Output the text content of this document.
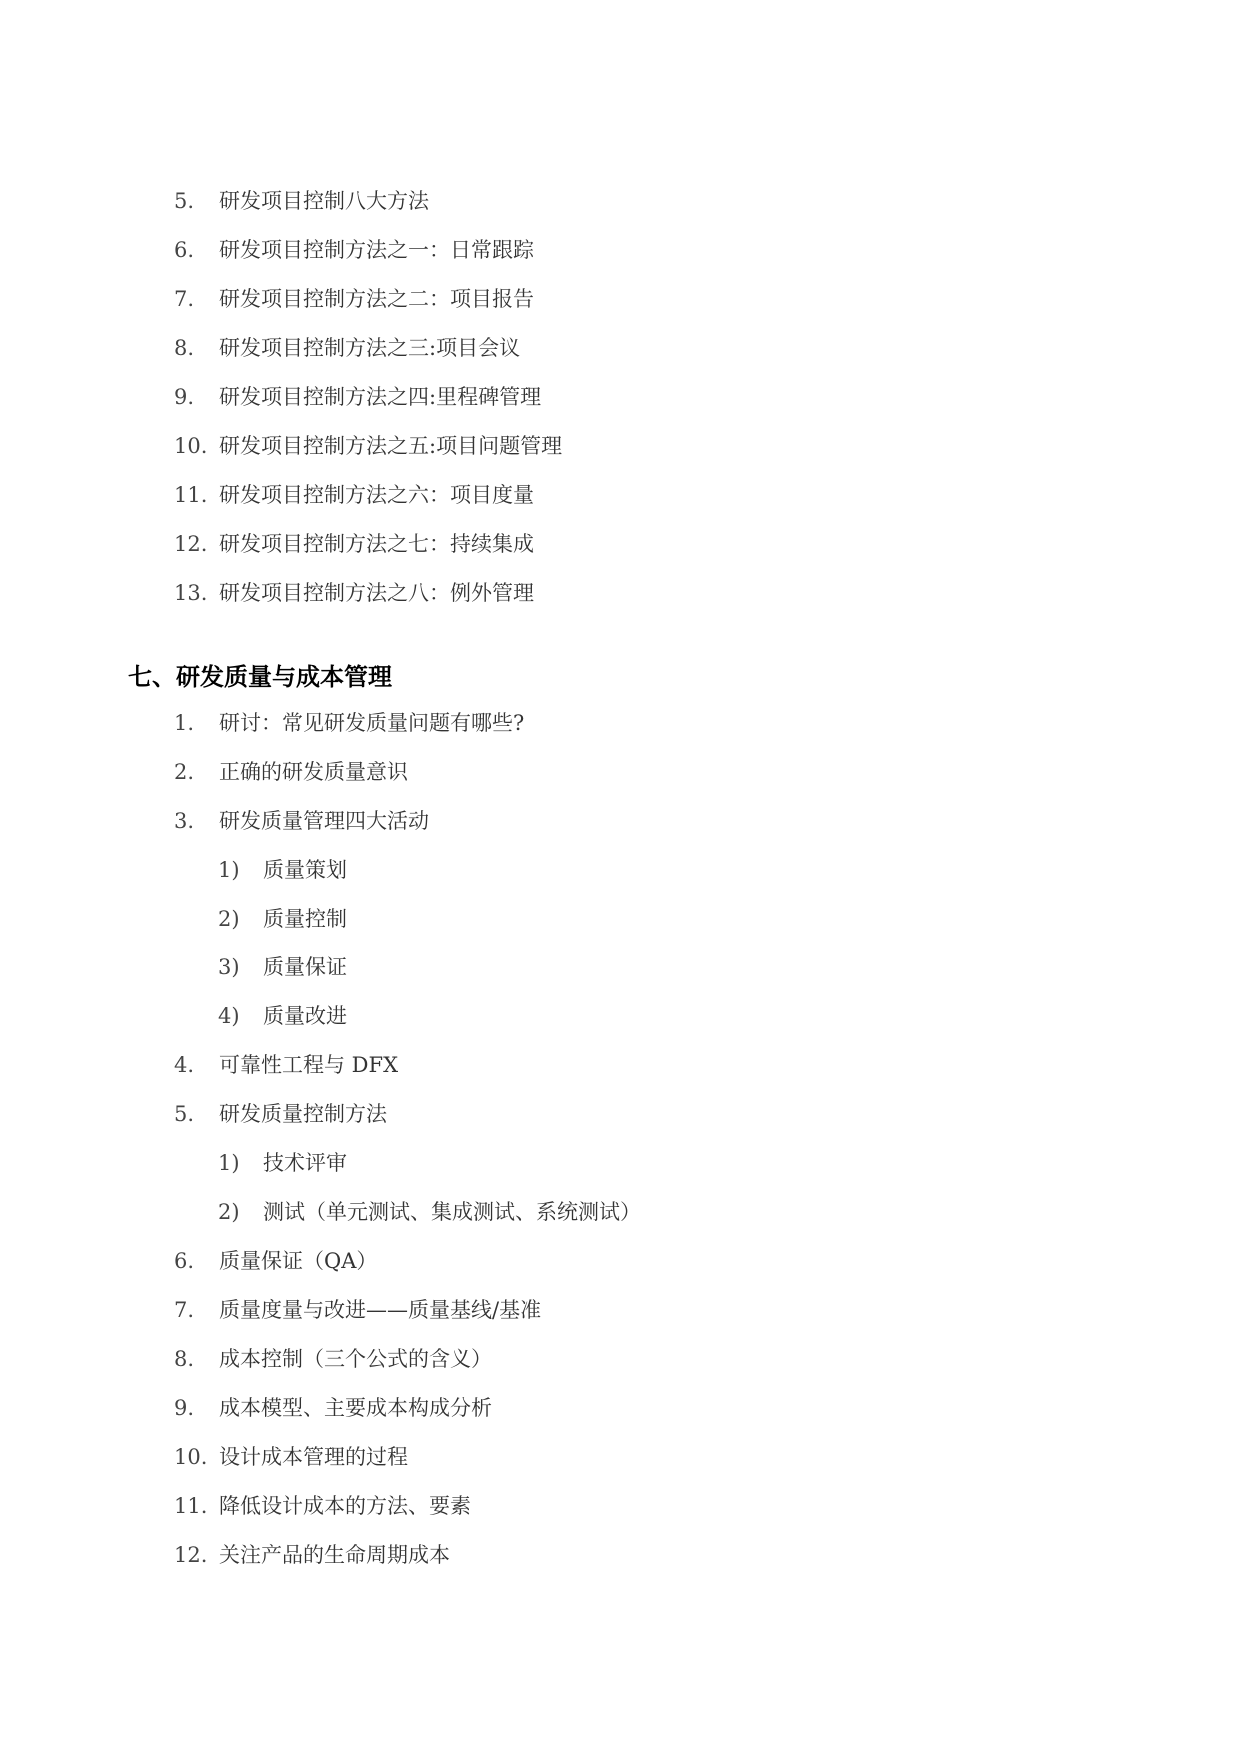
5. 研发项目控制八大方法
6. 研发项目控制方法之一：日常跟踪
7. 研发项目控制方法之二：项目报告
8. 研发项目控制方法之三:项目会议
9. 研发项目控制方法之四:里程碑管理
10. 研发项目控制方法之五:项目问题管理
11. 研发项目控制方法之六：项目度量
12. 研发项目控制方法之七：持续集成
13. 研发项目控制方法之八：例外管理
七、研发质量与成本管理
1. 研讨：常见研发质量问题有哪些?
2. 正确的研发质量意识
3. 研发质量管理四大活动
1) 质量策划
2) 质量控制
3) 质量保证
4) 质量改进
4. 可靠性工程与 DFX
5. 研发质量控制方法
1) 技术评审
2) 测试（单元测试、集成测试、系统测试）
6. 质量保证（QA）
7. 质量度量与改进——质量基线/基准
8. 成本控制（三个公式的含义）
9. 成本模型、主要成本构成分析
10. 设计成本管理的过程
11. 降低设计成本的方法、要素
12. 关注产品的生命周期成本
